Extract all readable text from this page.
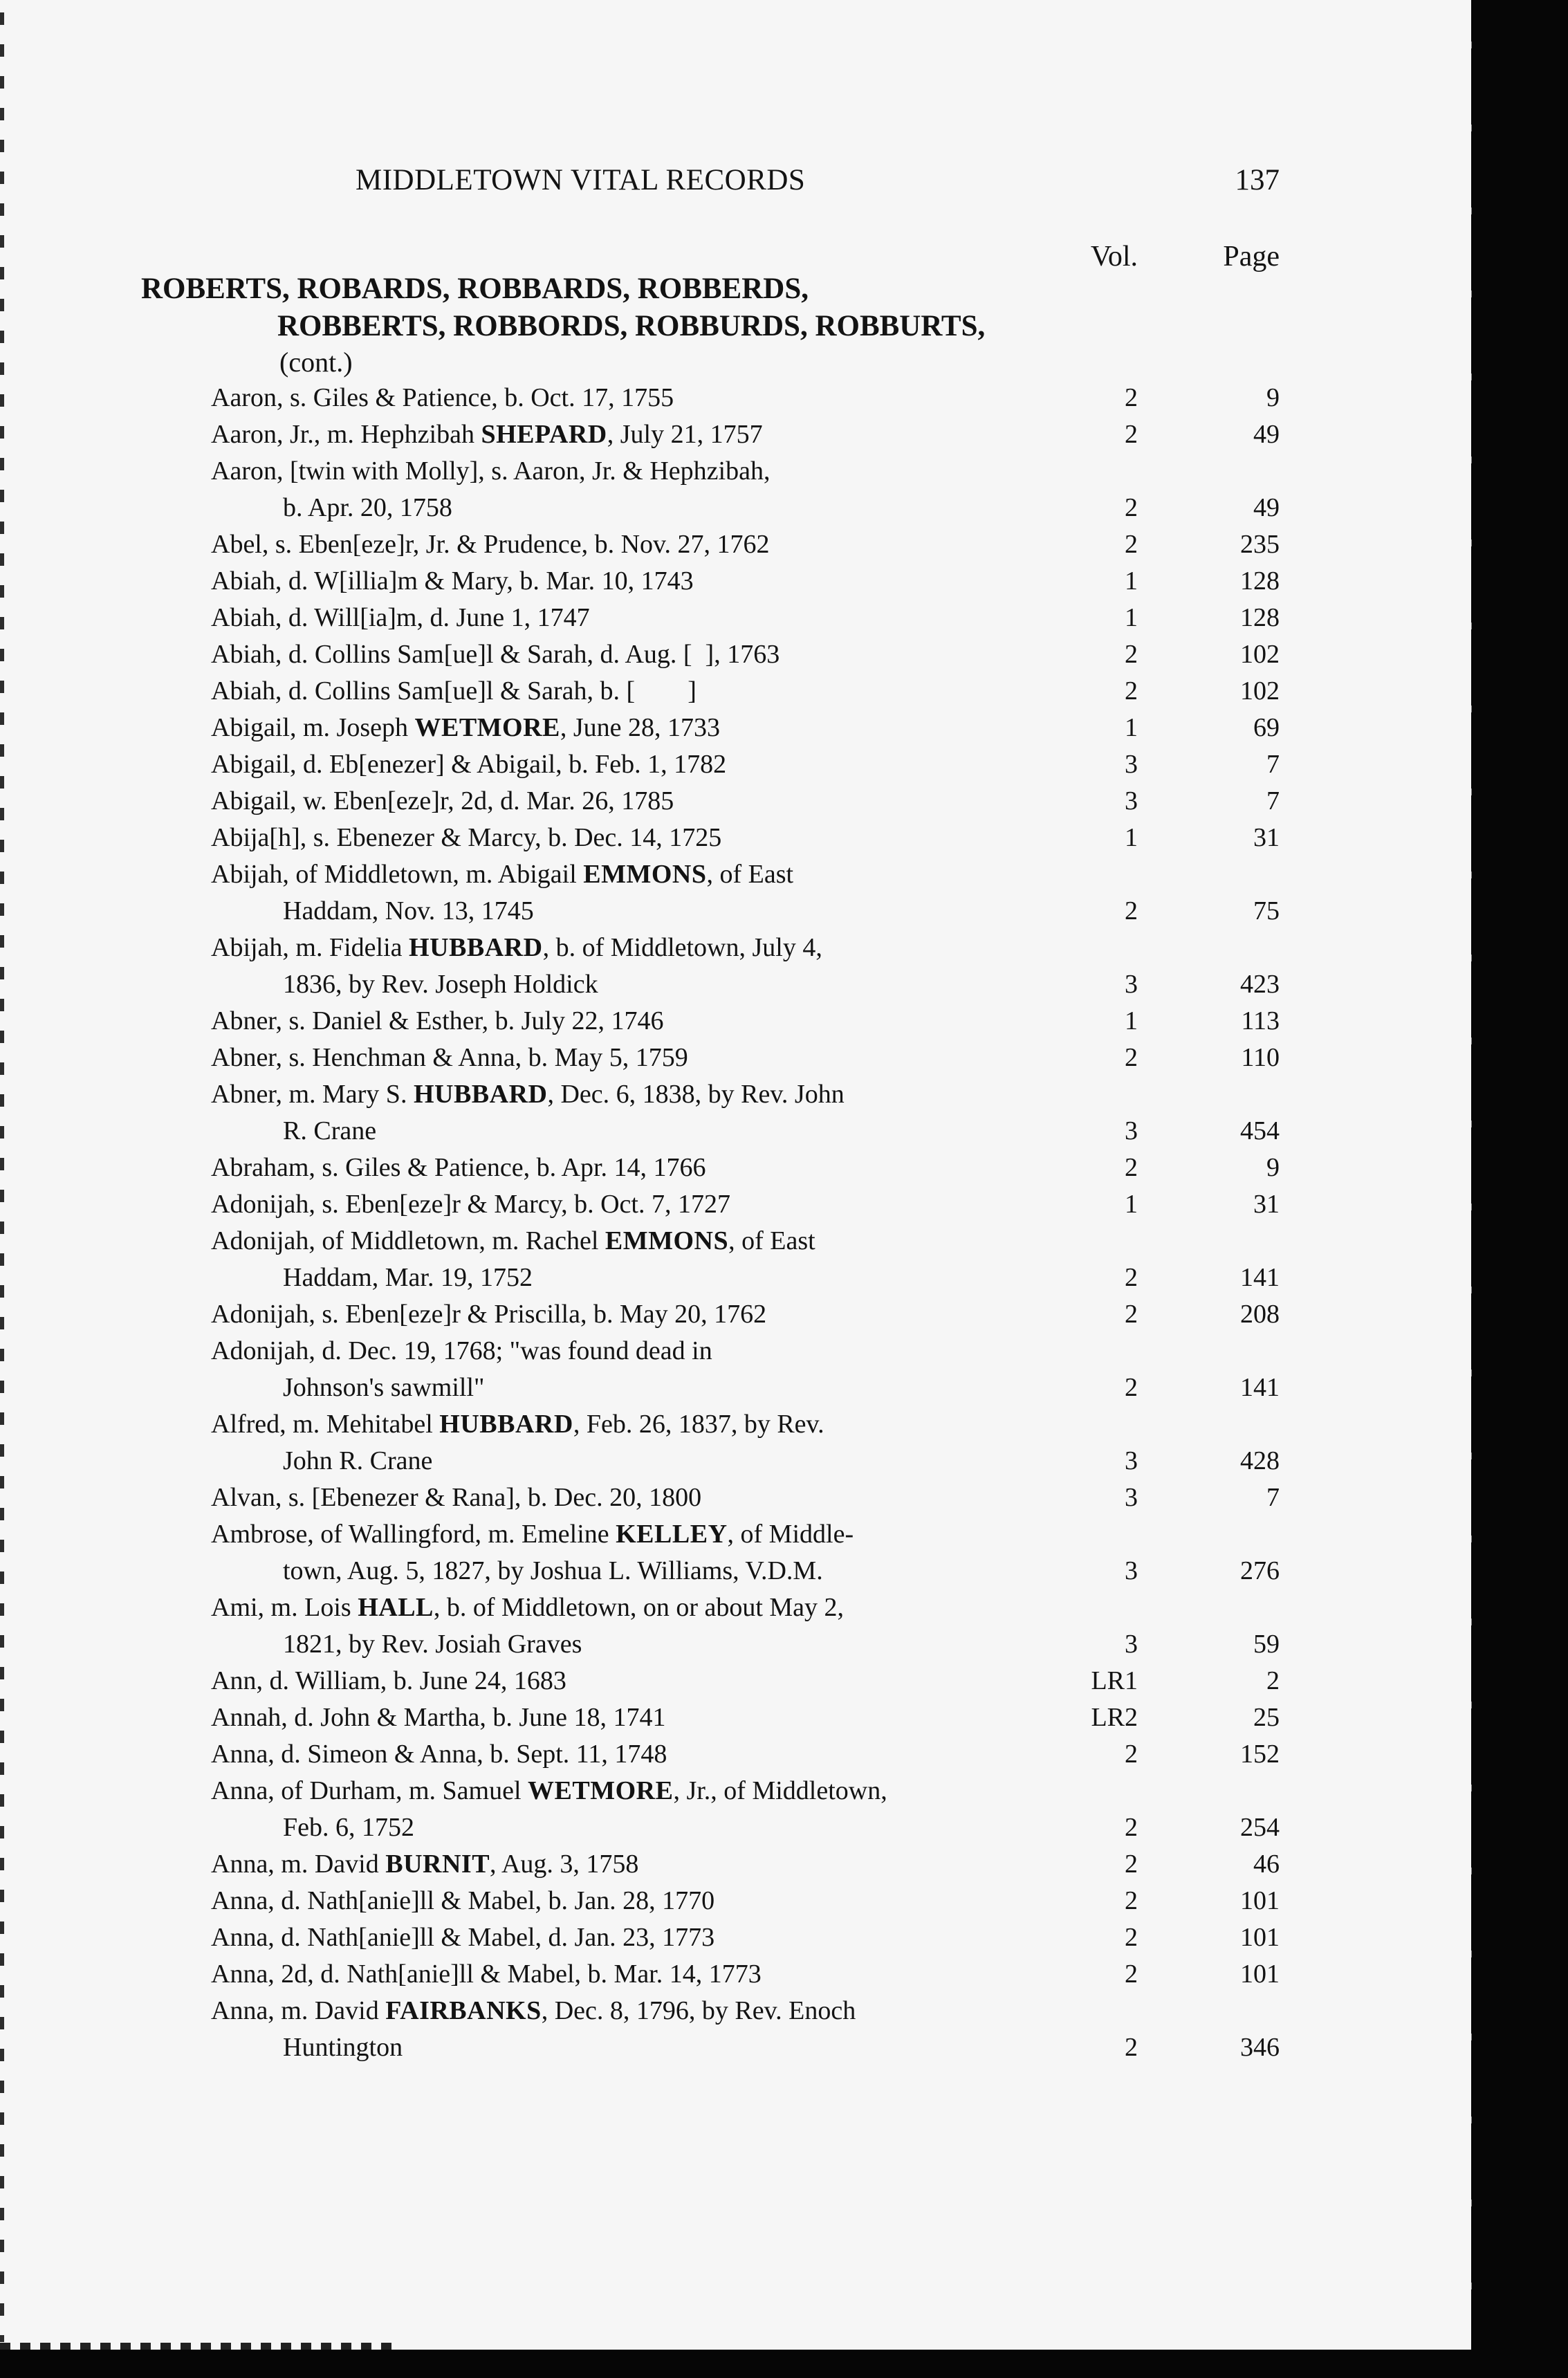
MIDDLETOWN VITAL RECORDS	137
Vol.	Page
ROBERTS, ROBARDS, ROBBARDS, ROBBERDS,
ROBBERTS, ROBBORDS, ROBBURDS, ROBBURTS,
(cont.)
Aaron, s. Giles & Patience, b. Oct. 17, 1755	2	9
Aaron, Jr., m. Hephzibah SHEPARD, July 21, 1757	2	49
Aaron, [twin with Molly], s. Aaron, Jr. & Hephzibah,
b. Apr. 20, 1758	2	49
Abel, s. Eben[eze]r, Jr. & Prudence, b. Nov. 27, 1762	2	235
Abiah, d. W[illia]m & Mary, b. Mar. 10, 1743	1	128
Abiah, d. Will[ia]m, d. June 1, 1747	1	128
Abiah, d. Collins Sam[ue]l & Sarah, d. Aug. [  ], 1763	2	102
Abiah, d. Collins Sam[ue]l & Sarah, b. [        ]	2	102
Abigail, m. Joseph WETMORE, June 28, 1733	1	69
Abigail, d. Eb[enezer] & Abigail, b. Feb. 1, 1782	3	7
Abigail, w. Eben[eze]r, 2d, d. Mar. 26, 1785	3	7
Abija[h], s. Ebenezer & Marcy, b. Dec. 14, 1725	1	31
Abijah, of Middletown, m. Abigail EMMONS, of East
Haddam, Nov. 13, 1745	2	75
Abijah, m. Fidelia HUBBARD, b. of Middletown, July 4,
1836, by Rev. Joseph Holdick	3	423
Abner, s. Daniel & Esther, b. July 22, 1746	1	113
Abner, s. Henchman & Anna, b. May 5, 1759	2	110
Abner, m. Mary S. HUBBARD, Dec. 6, 1838, by Rev. John
R. Crane	3	454
Abraham, s. Giles & Patience, b. Apr. 14, 1766	2	9
Adonijah, s. Eben[eze]r & Marcy, b. Oct. 7, 1727	1	31
Adonijah, of Middletown, m. Rachel EMMONS, of East
Haddam, Mar. 19, 1752	2	141
Adonijah, s. Eben[eze]r & Priscilla, b. May 20, 1762	2	208
Adonijah, d. Dec. 19, 1768; "was found dead in
Johnson's sawmill"	2	141
Alfred, m. Mehitabel HUBBARD, Feb. 26, 1837, by Rev.
John R. Crane	3	428
Alvan, s. [Ebenezer & Rana], b. Dec. 20, 1800	3	7
Ambrose, of Wallingford, m. Emeline KELLEY, of Middle-
town, Aug. 5, 1827, by Joshua L. Williams, V.D.M.	3	276
Ami, m. Lois HALL, b. of Middletown, on or about May 2,
1821, by Rev. Josiah Graves	3	59
Ann, d. William, b. June 24, 1683	LR1	2
Annah, d. John & Martha, b. June 18, 1741	LR2	25
Anna, d. Simeon & Anna, b. Sept. 11, 1748	2	152
Anna, of Durham, m. Samuel WETMORE, Jr., of Middletown,
Feb. 6, 1752	2	254
Anna, m. David BURNIT, Aug. 3, 1758	2	46
Anna, d. Nath[anie]ll & Mabel, b. Jan. 28, 1770	2	101
Anna, d. Nath[anie]ll & Mabel, d. Jan. 23, 1773	2	101
Anna, 2d, d. Nath[anie]ll & Mabel, b. Mar. 14, 1773	2	101
Anna, m. David FAIRBANKS, Dec. 8, 1796, by Rev. Enoch
Huntington	2	346
